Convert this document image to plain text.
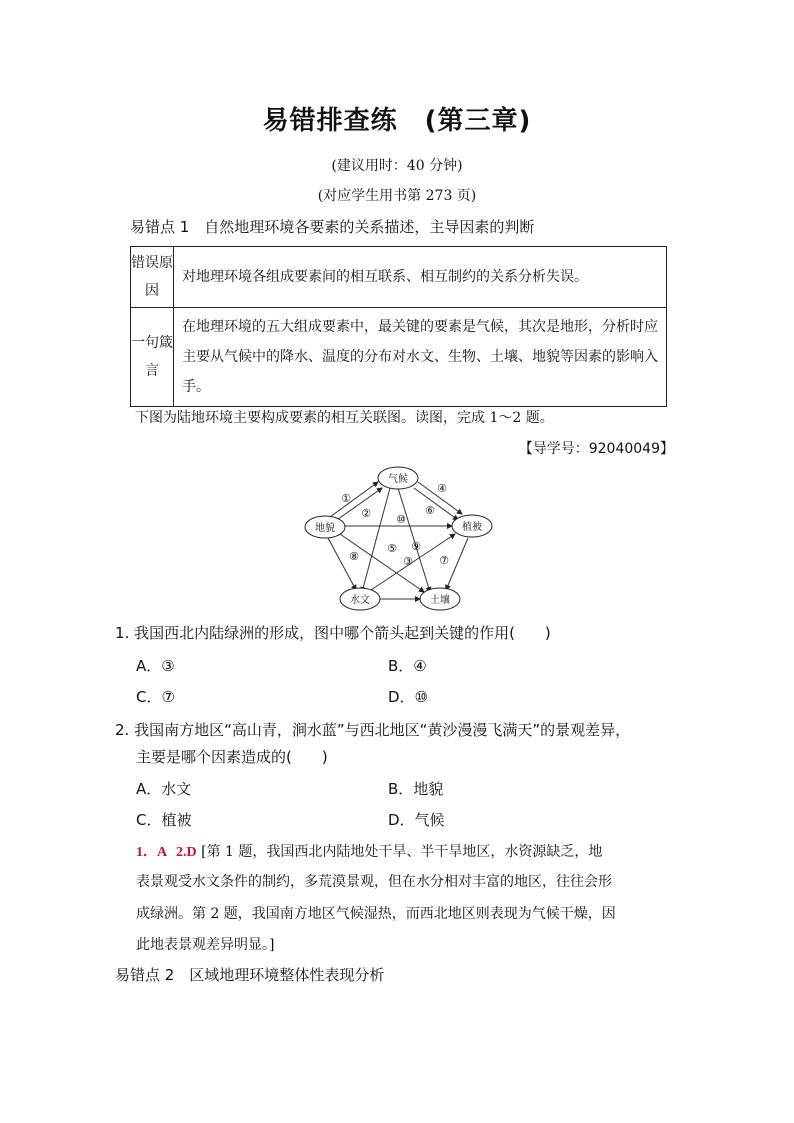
易错排查练　(第三章)
(建议用时：40 分钟)
(对应学生用书第 273 页)
易错点 1　自然地理环境各要素的关系描述，主导因素的判断
错误原因	对地理环境各组成要素间的相互联系、相互制约的关系分析失误。
一句箴言	在地理环境的五大组成要素中，最关键的要素是气候，其次是地形，分析时应主要从气候中的降水、温度的分布对水文、生物、土壤、地貌等因素的影响入手。
下图为陆地环境主要构成要素的相互关联图。读图，完成 1～2 题。
【导学号：92040049】
气候
地貌	植被
水文	土壤
①
②
④
⑥
⑩
⑤ ⑨
③
⑧	⑦
1. 我国西北内陆绿洲的形成，图中哪个箭头起到关键的作用(　　)
A．③	B．④
C．⑦	D．⑩
2. 我国南方地区“高山青，涧水蓝”与西北地区“黄沙漫漫飞满天”的景观差异，
主要是哪个因素造成的(　　)
A．水文	B．地貌
C．植被	D．气候
1．A 2.D [第 1 题，我国西北内陆地处干旱、半干旱地区，水资源缺乏，地
表景观受水文条件的制约，多荒漠景观，但在水分相对丰富的地区，往往会形
成绿洲。第 2 题，我国南方地区气候湿热，而西北地区则表现为气候干燥，因
此地表景观差异明显。]
易错点 2　区域地理环境整体性表现分析
